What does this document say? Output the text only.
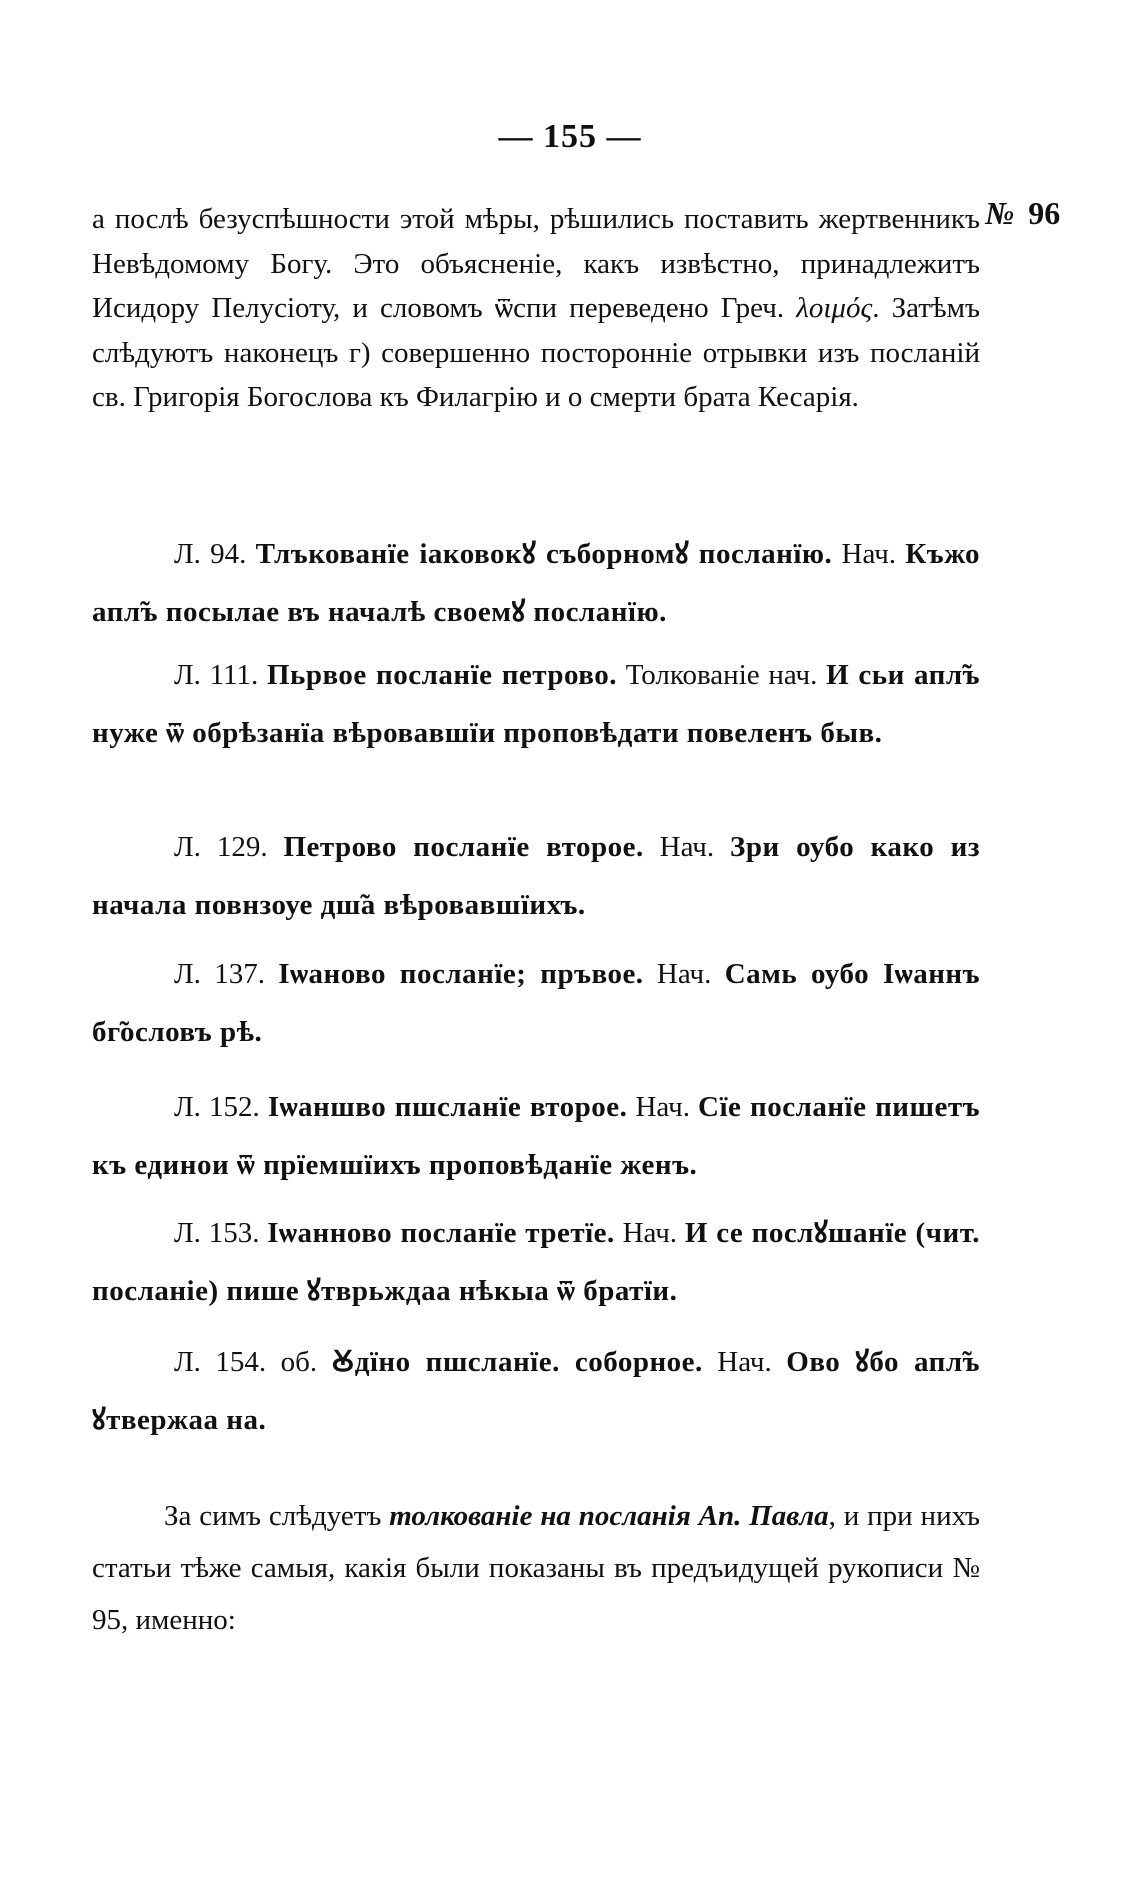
— 155 —
№ 96
а послѣ безуспѣшности этой мѣры, рѣшились поставить жертвенникъ Невѣдомому Богу. Это объясненіе, какъ извѣстно, принадлежитъ Исидору Пелусіоту, и словомъ ѿспи переведено Греч. λοιμός. Затѣмъ слѣдуютъ наконецъ г) совершенно посторонніе отрывки изъ посланій св. Григорія Богослова къ Филагрію и о смерти брата Кесарія.
Л. 94. Тлъкованїе іаковокꙋ съборномꙋ посланїю. Нач. Къжо апл̃ъ посылае въ началѣ своемꙋ посланїю.
Л. 111. Пьрвое посланїе петрово. Толкованіе нач. И сьи апл̃ъ нуже ѿ обрѣзанїа вѣровавшїи проповѣдати повеленъ быв.
Л. 129. Петрово посланїе второе. Нач. Зри оубо како из начала повнзоуе дш̃а вѣровавшїихъ.
Л. 137. Іѡаново посланїе; пръвое. Нач. Самь оубо Іѡаннъ бг̃ословъ рѣ.
Л. 152. Іѡаншво пшсланїе второе. Нач. Сїе посланїе пишетъ къ единои ѿ прїемшїихъ проповѣданїе женъ.
Л. 153. Іѡанново посланїе третїе. Нач. И се послꙋшанїе (чит. посланіе) пише ꙋтврьждаа нѣкыа ѿ братїи.
Л. 154. об. Ꙋдїно пшсланїе. соборное. Нач. Ово ꙋбо апл̃ъ ꙋтвержаа на.
За симъ слѣдуетъ толкованіе на посланія Ап. Павла, и при нихъ статьи тѣже самыя, какія были показаны въ предъидущей рукописи № 95, именно:
